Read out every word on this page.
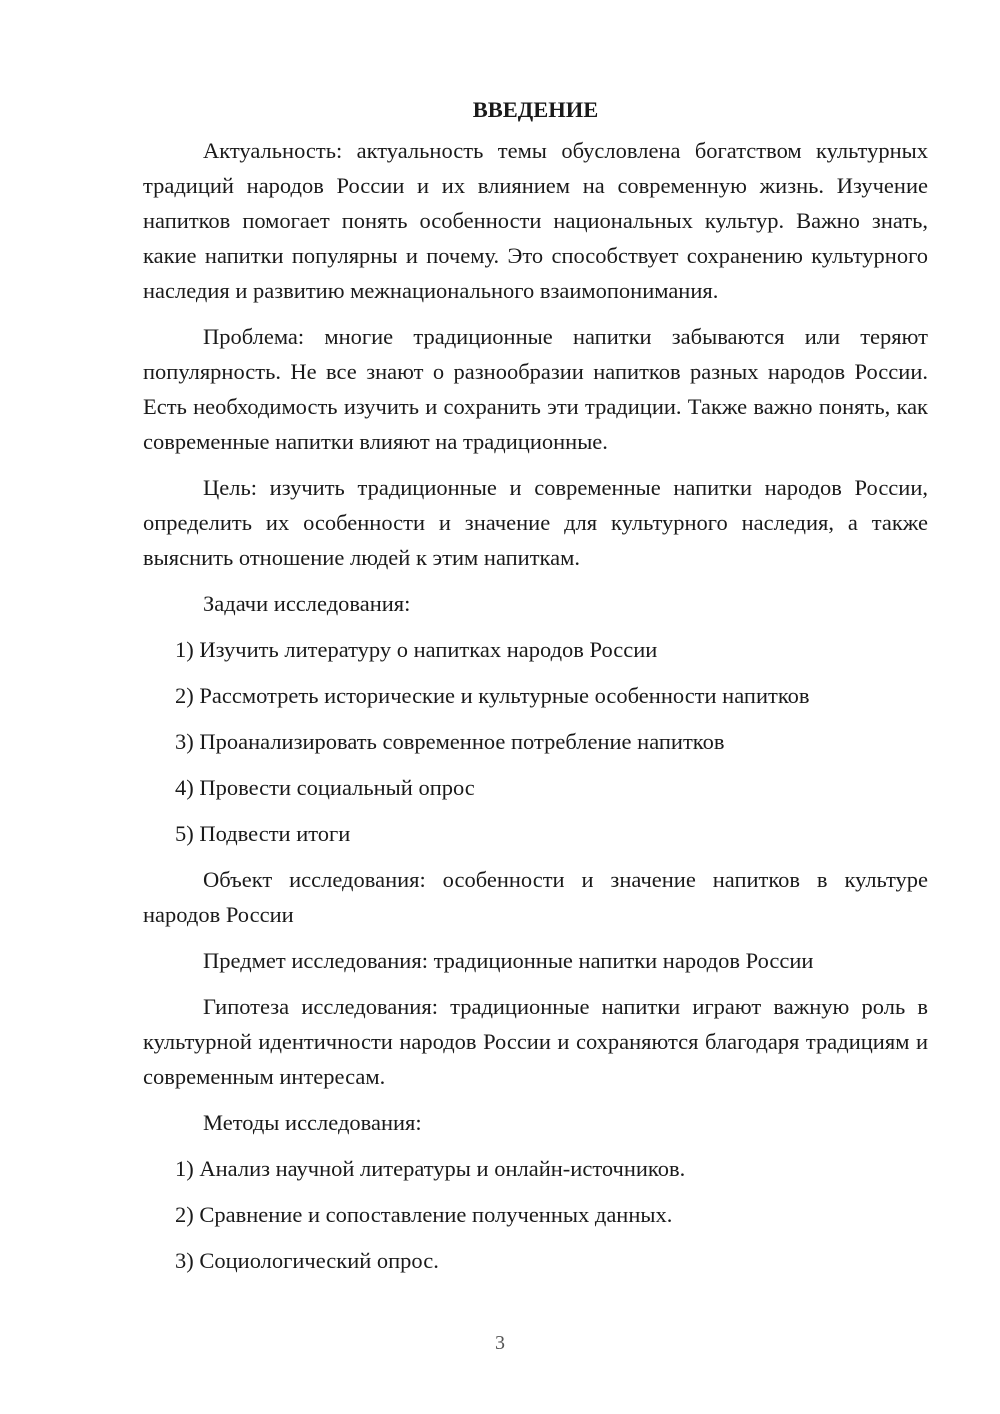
ВВЕДЕНИЕ

Актуальность: актуальность темы обусловлена богатством культурных традиций народов России и их влиянием на современную жизнь. Изучение напитков помогает понять особенности национальных культур. Важно знать, какие напитки популярны и почему. Это способствует сохранению культурного наследия и развитию межнационального взаимопонимания.

Проблема: многие традиционные напитки забываются или теряют популярность. Не все знают о разнообразии напитков разных народов России. Есть необходимость изучить и сохранить эти традиции. Также важно понять, как современные напитки влияют на традиционные.

Цель: изучить традиционные и современные напитки народов России, определить их особенности и значение для культурного наследия, а также выяснить отношение людей к этим напиткам.

Задачи исследования:

1) Изучить литературу о напитках народов России
2) Рассмотреть исторические и культурные особенности напитков
3) Проанализировать современное потребление напитков
4) Провести социальный опрос
5) Подвести итоги

Объект исследования: особенности и значение напитков в культуре народов России

Предмет исследования: традиционные напитки народов России

Гипотеза исследования: традиционные напитки играют важную роль в культурной идентичности народов России и сохраняются благодаря традициям и современным интересам.

Методы исследования:

1) Анализ научной литературы и онлайн-источников.
2) Сравнение и сопоставление полученных данных.
3) Социологический опрос.
3
